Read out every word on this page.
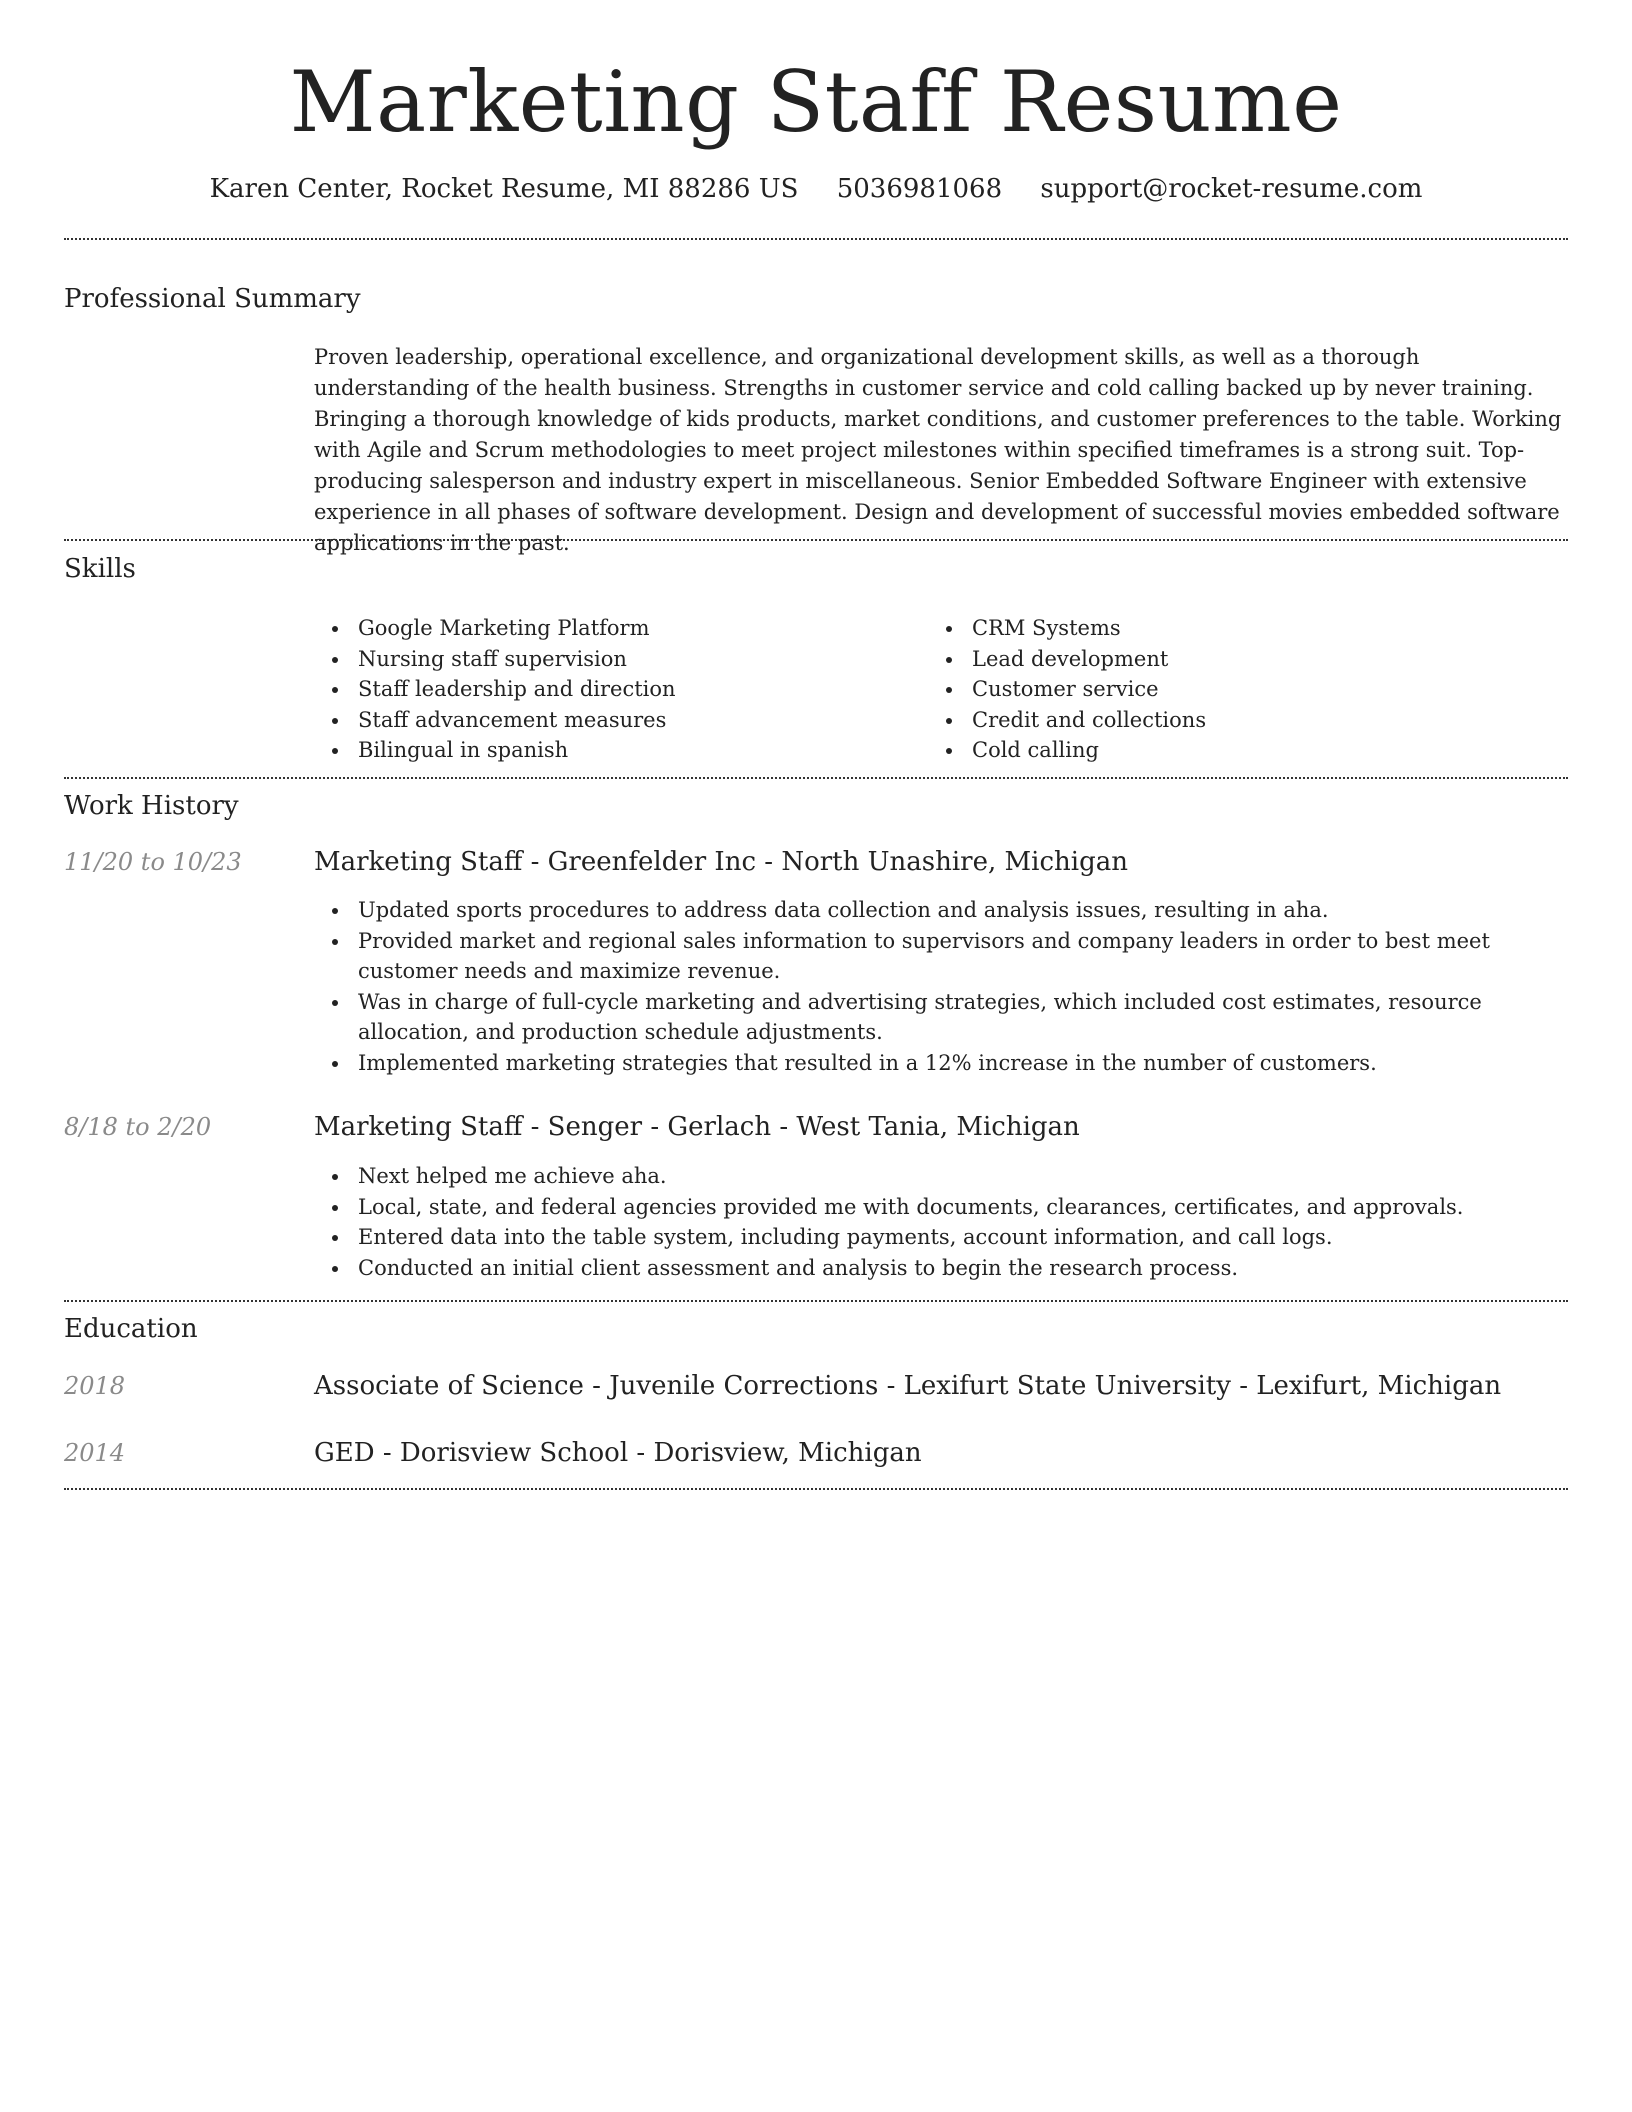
Marketing Staff Resume
Karen Center, Rocket Resume, MI 88286 US 5036981068 support@rocket-resume.com
Professional Summary

Proven leadership, operational excellence, and organizational development skills, as well as a thorough understanding of the health business. Strengths in customer service and cold calling backed up by never training. Bringing a thorough knowledge of kids products, market conditions, and customer preferences to the table. Working with Agile and Scrum methodologies to meet project milestones within specified timeframes is a strong suit. Top-producing salesperson and industry expert in miscellaneous. Senior Embedded Software Engineer with extensive experience in all phases of software development. Design and development of successful movies embedded software applications in the past.

Skills
Google Marketing Platform
Nursing staff supervision
Staff leadership and direction
Staff advancement measures
Bilingual in spanish
CRM Systems
Lead development
Customer service
Credit and collections
Cold calling
Work History
11/20 to 10/23	Marketing Staff - Greenfelder Inc - North Unashire, Michigan
Updated sports procedures to address data collection and analysis issues, resulting in aha.
Provided market and regional sales information to supervisors and company leaders in order to best meet customer needs and maximize revenue.
Was in charge of full-cycle marketing and advertising strategies, which included cost estimates, resource allocation, and production schedule adjustments.
Implemented marketing strategies that resulted in a 12% increase in the number of customers.
8/18 to 2/20	Marketing Staff - Senger - Gerlach - West Tania, Michigan
Next helped me achieve aha.
Local, state, and federal agencies provided me with documents, clearances, certificates, and approvals.
Entered data into the table system, including payments, account information, and call logs.
Conducted an initial client assessment and analysis to begin the research process.
Education
2018	Associate of Science - Juvenile Corrections - Lexifurt State University - Lexifurt, Michigan
2014	GED - Dorisview School - Dorisview, Michigan
